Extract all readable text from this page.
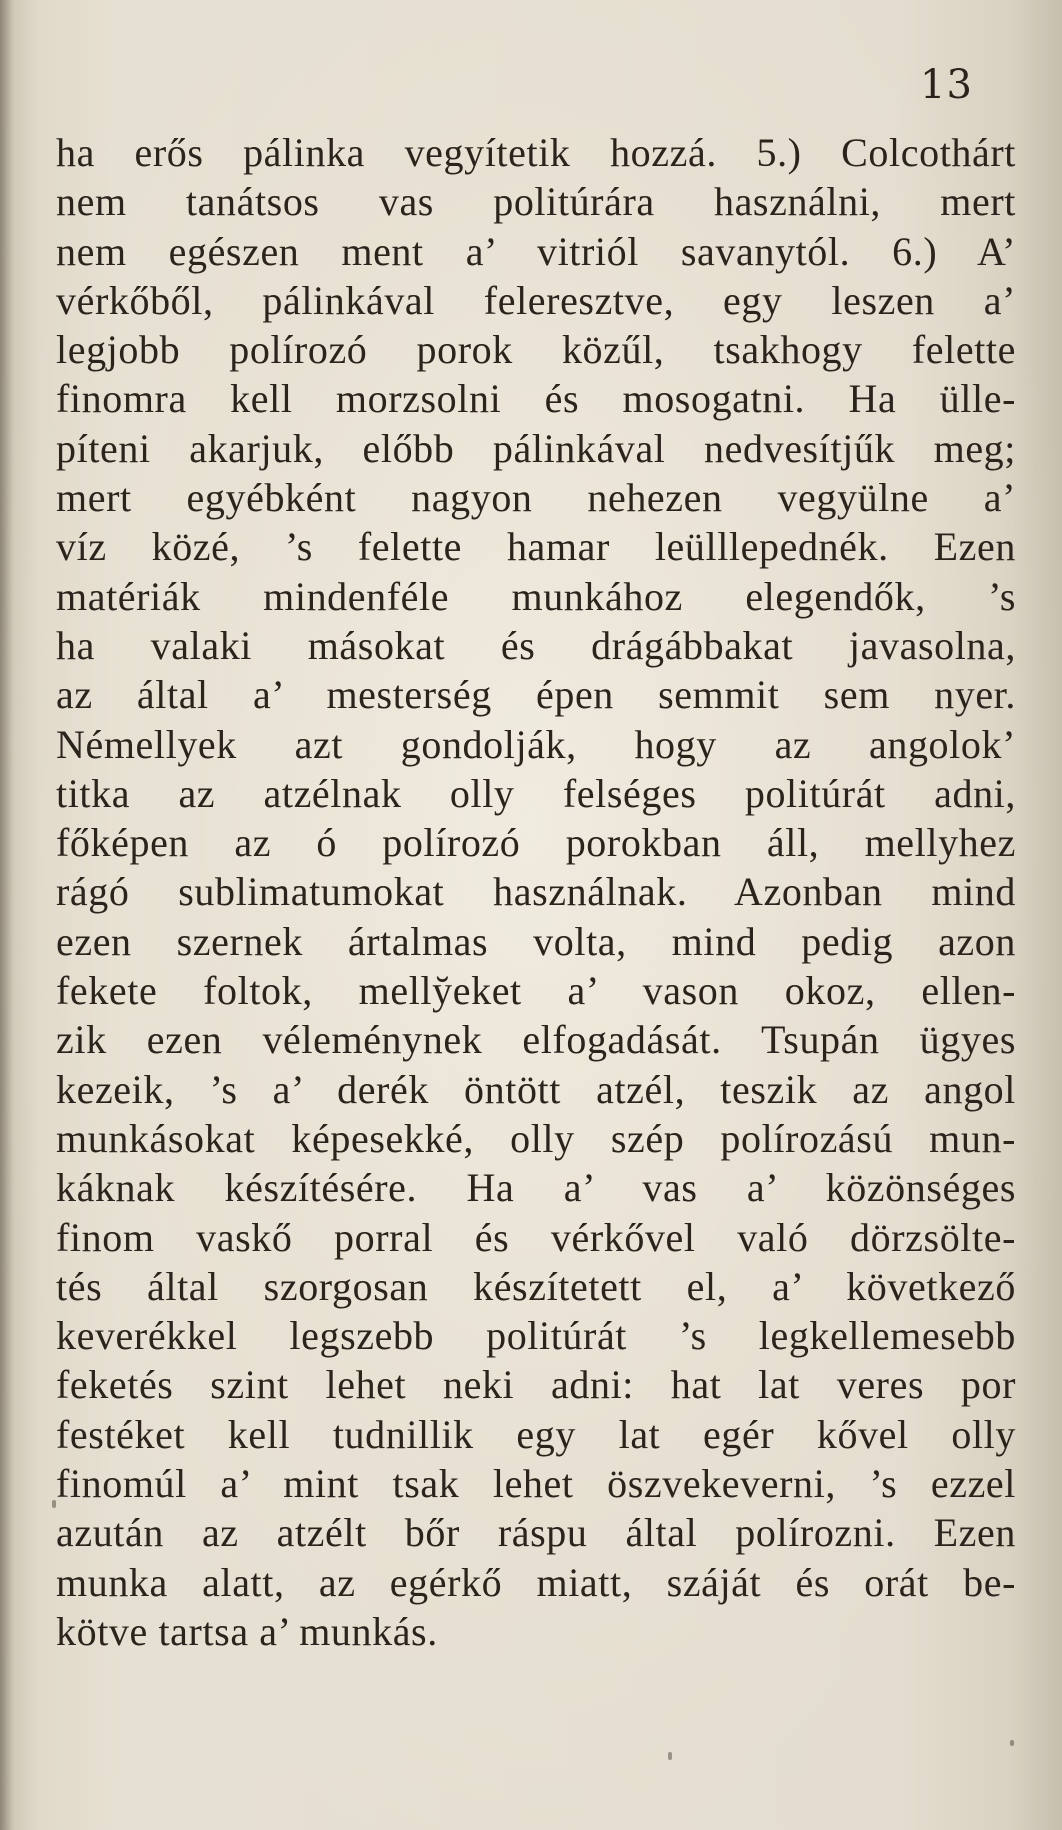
13
ha erős pálinka vegyítetik hozzá. 5.) Colcothárt
nem tanátsos vas politúrára használni, mert
nem egészen ment a’ vitriól savanytól. 6.) A’
vérkőből, pálinkával feleresztve, egy leszen a’
legjobb polírozó porok közűl, tsakhogy felette
finomra kell morzsolni és mosogatni. Ha ülle-
píteni akarjuk, előbb pálinkával nedvesítjűk meg;
mert egyébként nagyon nehezen vegyülne a’
víz közé, ’s felette hamar leülllepednék. Ezen
matériák mindenféle munkához elegendők, ’s
ha valaki másokat és drágábbakat javasolna,
az által a’ mesterség épen semmit sem nyer.
Némellyek azt gondolják, hogy az angolok’
titka az atzélnak olly felséges politúrát adni,
főképen az ó polírozó porokban áll, mellyhez
rágó sublimatumokat használnak. Azonban mind
ezen szernek ártalmas volta, mind pedig azon
fekete foltok, melly̆eket a’ vason okoz, ellen-
zik ezen véleménynek elfogadását. Tsupán ügyes
kezeik, ’s a’ derék öntött atzél, teszik az angol
munkásokat képesekké, olly szép polírozású mun-
káknak készítésére. Ha a’ vas a’ közönséges
finom vaskő porral és vérkővel való dörzsölte-
tés által szorgosan készítetett el, a’ következő
keverékkel legszebb politúrát ’s legkellemesebb
feketés szint lehet neki adni: hat lat veres por
festéket kell tudnillik egy lat egér kővel olly
finomúl a’ mint tsak lehet öszvekeverni, ’s ezzel
azután az atzélt bőr ráspu által polírozni. Ezen
munka alatt, az egérkő miatt, száját és orát be-
kötve tartsa a’ munkás.
